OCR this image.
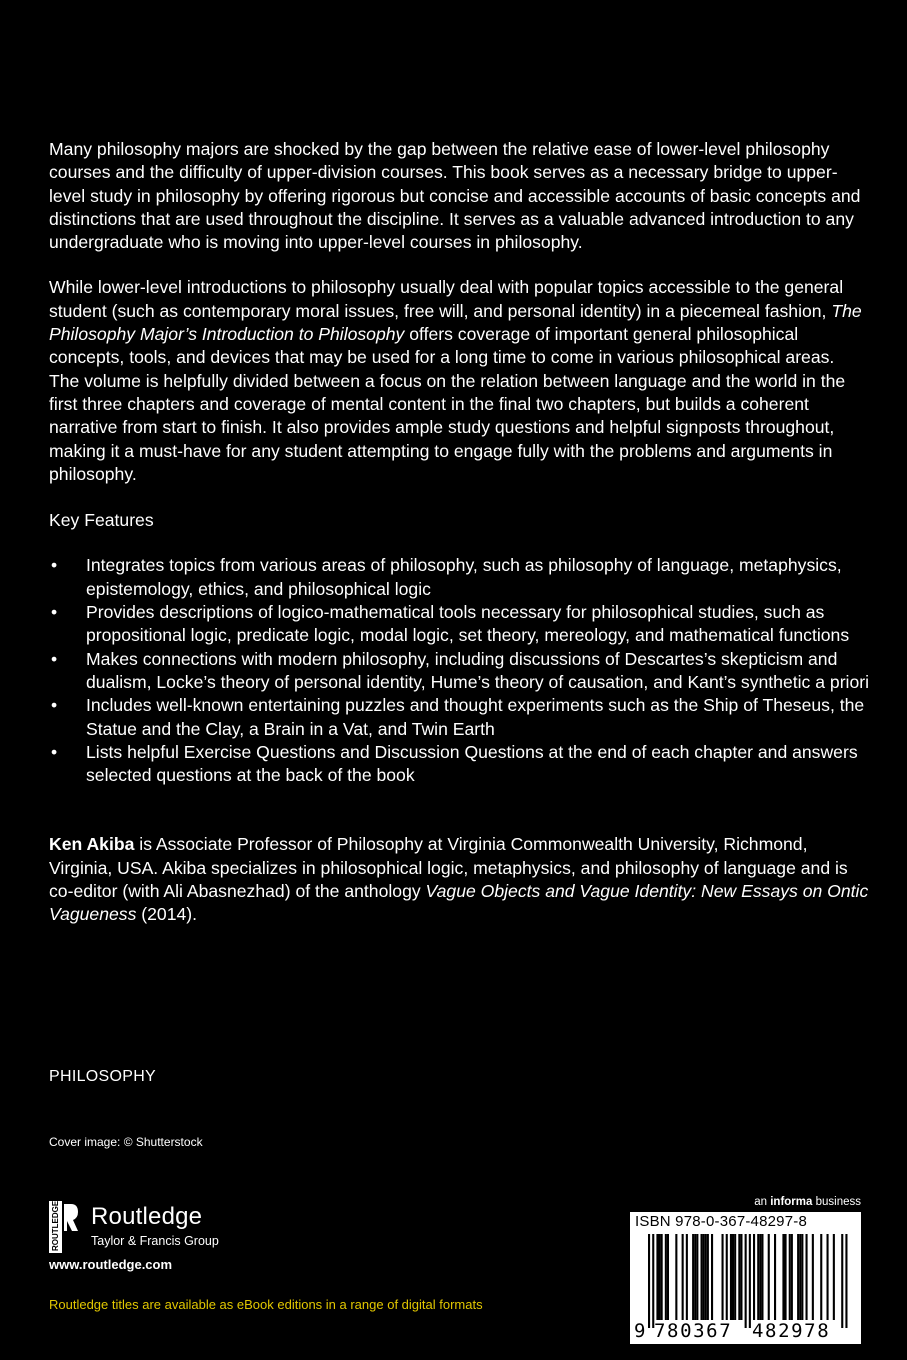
Many philosophy majors are shocked by the gap between the relative ease of lower-level philosophy courses and the difficulty of upper-division courses. This book serves as a necessary bridge to upper-level study in philosophy by offering rigorous but concise and accessible accounts of basic concepts and distinctions that are used throughout the discipline. It serves as a valuable advanced introduction to any undergraduate who is moving into upper-level courses in philosophy.

While lower-level introductions to philosophy usually deal with popular topics accessible to the general student (such as contemporary moral issues, free will, and personal identity) in a piecemeal fashion, The Philosophy Major’s Introduction to Philosophy offers coverage of important general philosophical concepts, tools, and devices that may be used for a long time to come in various philosophical areas. The volume is helpfully divided between a focus on the relation between language and the world in the first three chapters and coverage of mental content in the final two chapters, but builds a coherent narrative from start to finish. It also provides ample study questions and helpful signposts throughout, making it a must-have for any student attempting to engage fully with the problems and arguments in philosophy.

Key Features

• Integrates topics from various areas of philosophy, such as philosophy of language, metaphysics, epistemology, ethics, and philosophical logic
• Provides descriptions of logico-mathematical tools necessary for philosophical studies, such as propositional logic, predicate logic, modal logic, set theory, mereology, and mathematical functions
• Makes connections with modern philosophy, including discussions of Descartes’s skepticism and dualism, Locke’s theory of personal identity, Hume’s theory of causation, and Kant’s synthetic a priori
• Includes well-known entertaining puzzles and thought experiments such as the Ship of Theseus, the Statue and the Clay, a Brain in a Vat, and Twin Earth
• Lists helpful Exercise Questions and Discussion Questions at the end of each chapter and answers selected questions at the back of the book

Ken Akiba is Associate Professor of Philosophy at Virginia Commonwealth University, Richmond, Virginia, USA. Akiba specializes in philosophical logic, metaphysics, and philosophy of language and is co-editor (with Ali Abasnezhad) of the anthology Vague Objects and Vague Identity: New Essays on Ontic Vagueness (2014).

PHILOSOPHY
Cover image: © Shutterstock
ROUTLEDGE Routledge
Taylor & Francis Group
www.routledge.com
Routledge titles are available as eBook editions in a range of digital formats
an informa business
ISBN 978-0-367-48297-8
9 780367 482978
